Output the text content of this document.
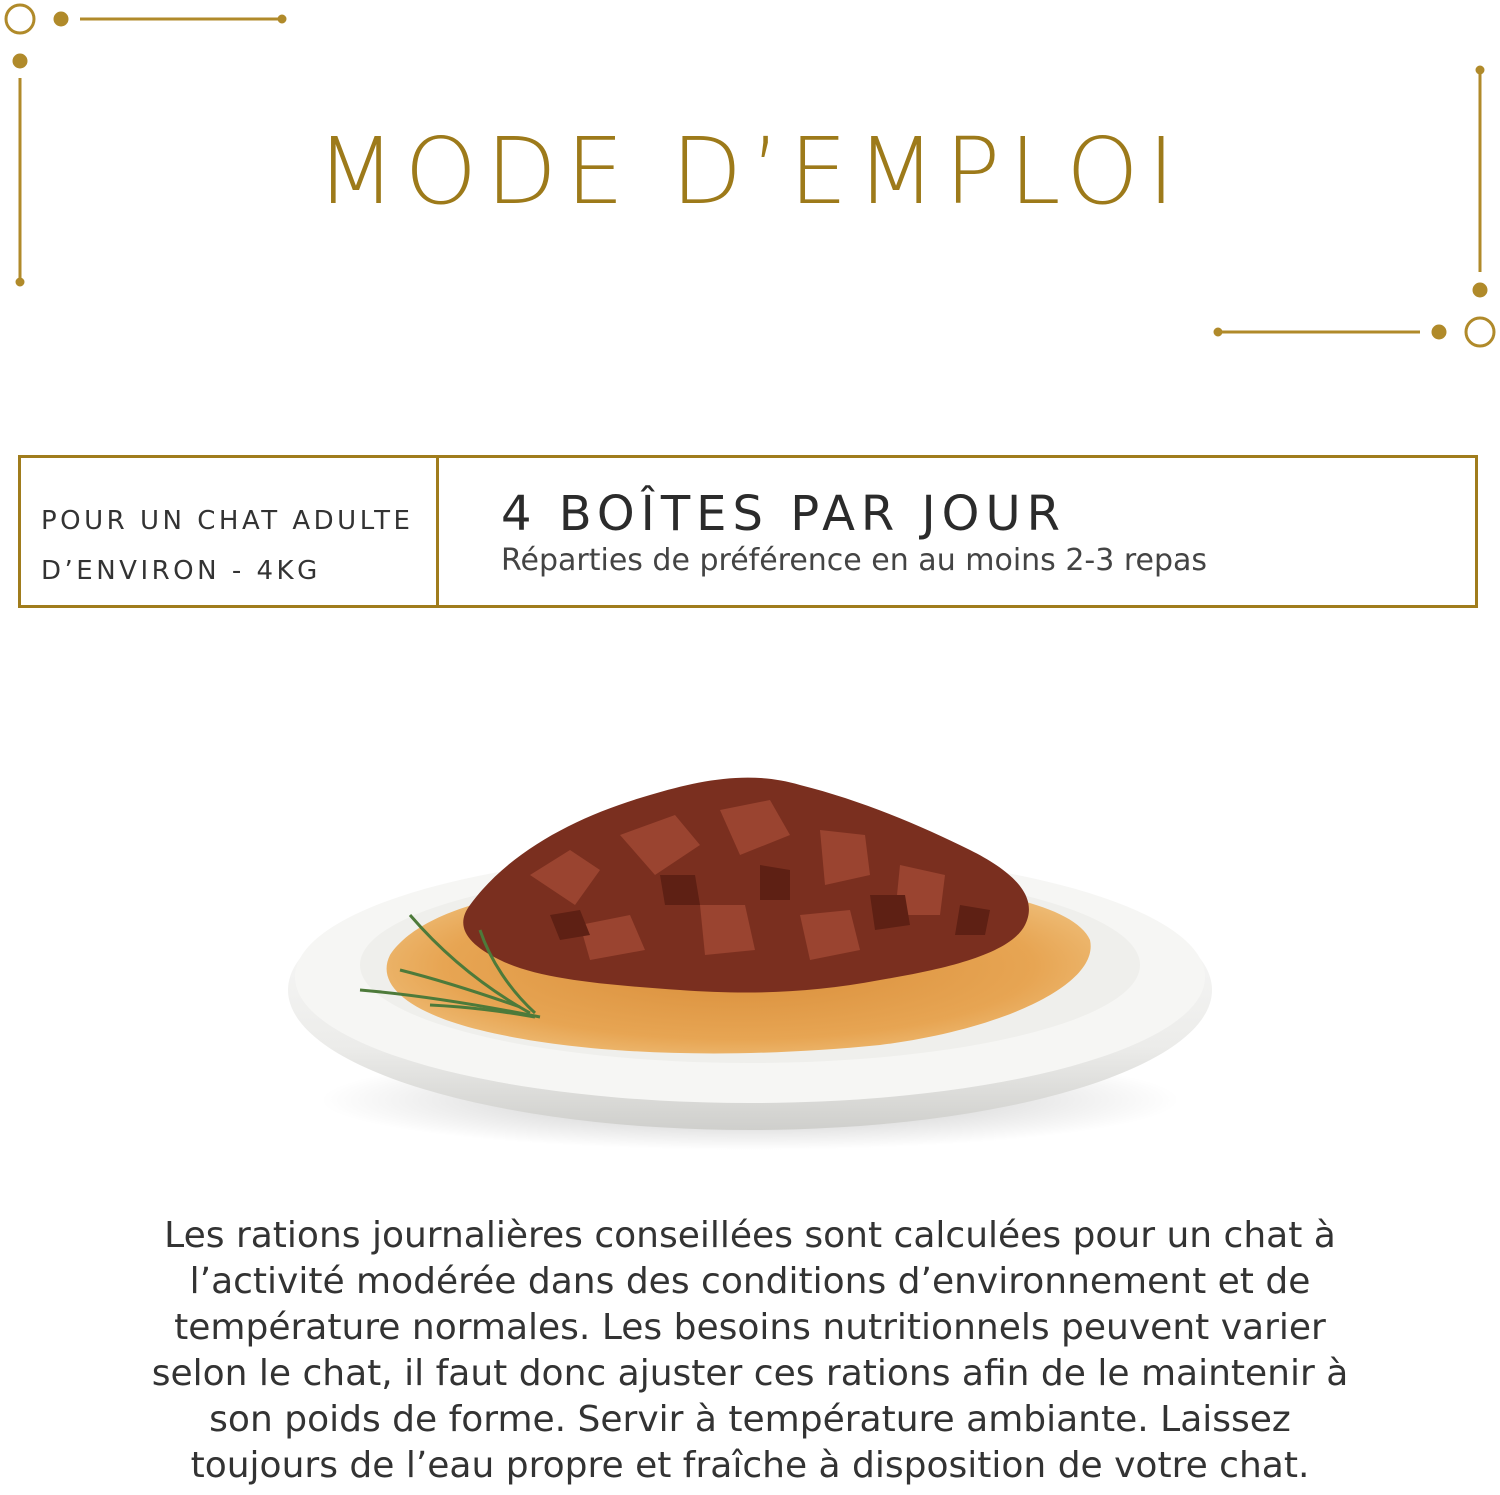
MODE D’EMPLOI
POUR UN CHAT ADULTE
D’ENVIRON - 4KG
4 BOÎTES PAR JOUR
Réparties de préférence en au moins 2-3 repas
Les rations journalières conseillées sont calculées pour un chat à
l’activité modérée dans des conditions d’environnement et de
température normales. Les besoins nutritionnels peuvent varier
selon le chat, il faut donc ajuster ces rations afin de le maintenir à
son poids de forme. Servir à température ambiante. Laissez
toujours de l’eau propre et fraîche à disposition de votre chat.
